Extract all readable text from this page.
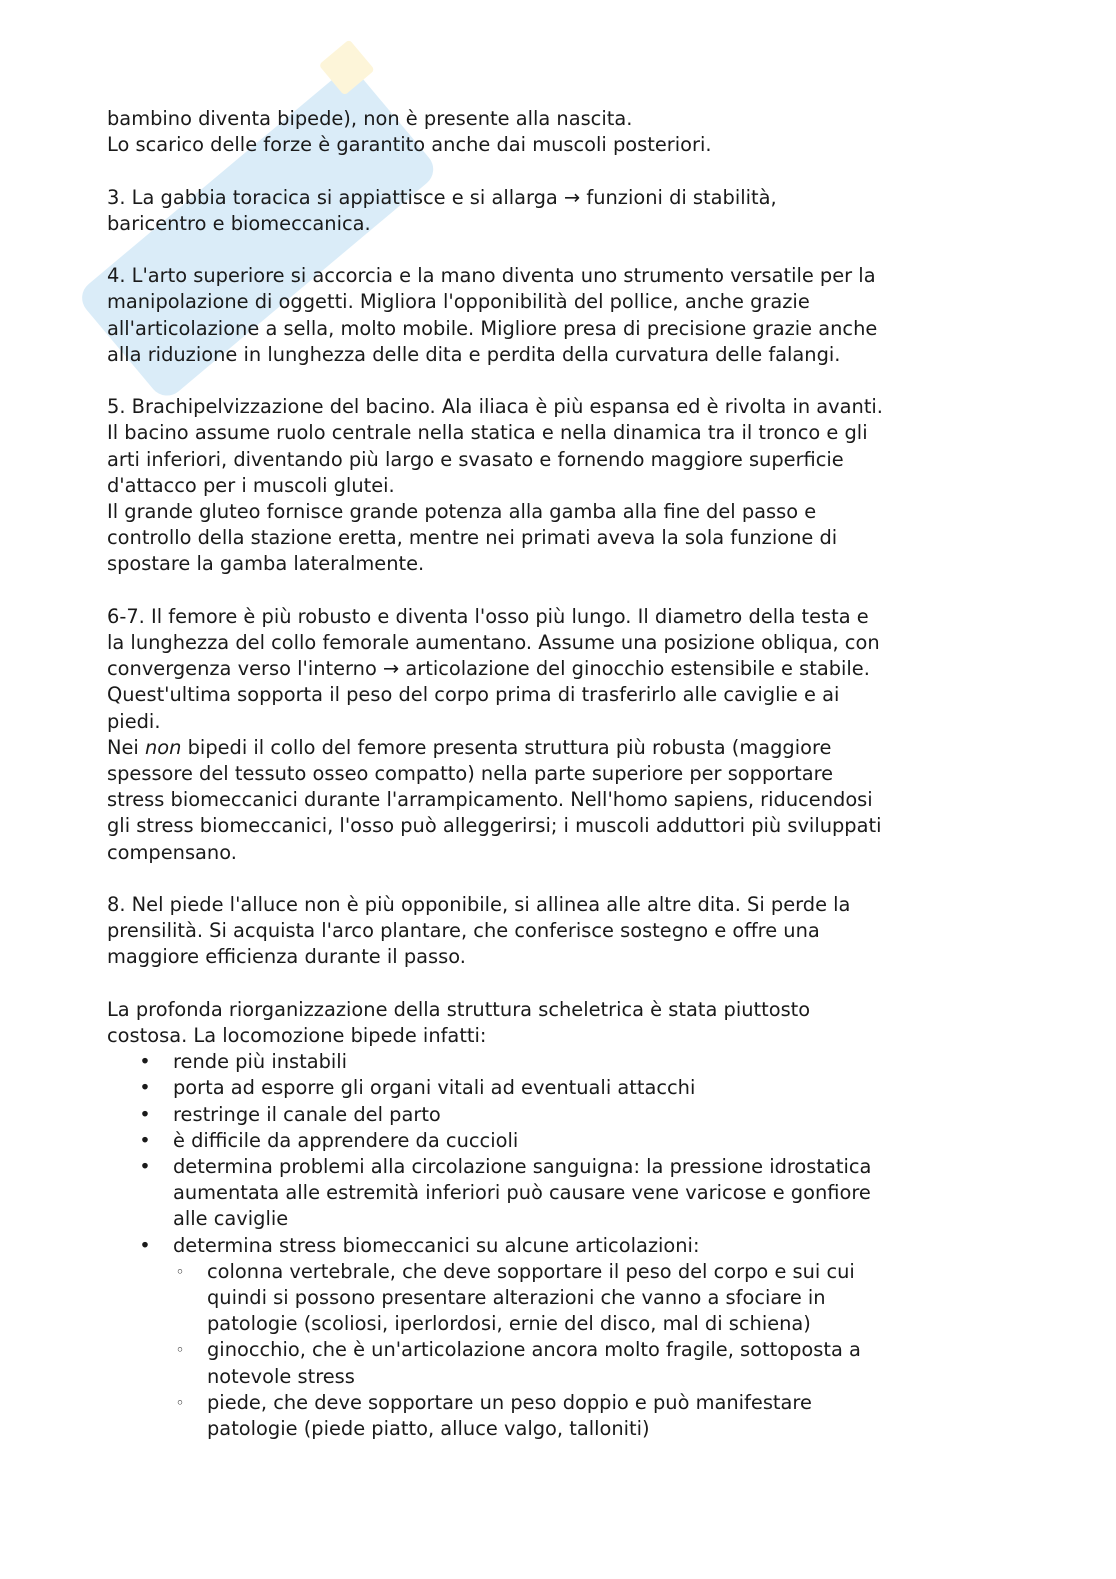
bambino diventa bipede), non è presente alla nascita.
Lo scarico delle forze è garantito anche dai muscoli posteriori.

3. La gabbia toracica si appiattisce e si allarga → funzioni di stabilità,
baricentro e biomeccanica.

4. L'arto superiore si accorcia e la mano diventa uno strumento versatile per la
manipolazione di oggetti. Migliora l'opponibilità del pollice, anche grazie
all'articolazione a sella, molto mobile. Migliore presa di precisione grazie anche
alla riduzione in lunghezza delle dita e perdita della curvatura delle falangi.

5. Brachipelvizzazione del bacino. Ala iliaca è più espansa ed è rivolta in avanti.
Il bacino assume ruolo centrale nella statica e nella dinamica tra il tronco e gli
arti inferiori, diventando più largo e svasato e fornendo maggiore superficie
d'attacco per i muscoli glutei.
Il grande gluteo fornisce grande potenza alla gamba alla fine del passo e
controllo della stazione eretta, mentre nei primati aveva la sola funzione di
spostare la gamba lateralmente.

6-7. Il femore è più robusto e diventa l'osso più lungo. Il diametro della testa e
la lunghezza del collo femorale aumentano. Assume una posizione obliqua, con
convergenza verso l'interno → articolazione del ginocchio estensibile e stabile.
Quest'ultima sopporta il peso del corpo prima di trasferirlo alle caviglie e ai
piedi.
Nei non bipedi il collo del femore presenta struttura più robusta (maggiore
spessore del tessuto osseo compatto) nella parte superiore per sopportare
stress biomeccanici durante l'arrampicamento. Nell'homo sapiens, riducendosi
gli stress biomeccanici, l'osso può alleggerirsi; i muscoli adduttori più sviluppati
compensano.

8. Nel piede l'alluce non è più opponibile, si allinea alle altre dita. Si perde la
prensilità. Si acquista l'arco plantare, che conferisce sostegno e offre una
maggiore efficienza durante il passo.

La profonda riorganizzazione della struttura scheletrica è stata piuttosto
costosa. La locomozione bipede infatti:

• rende più instabili
• porta ad esporre gli organi vitali ad eventuali attacchi
• restringe il canale del parto
• è difficile da apprendere da cuccioli
• determina problemi alla circolazione sanguigna: la pressione idrostatica
aumentata alle estremità inferiori può causare vene varicose e gonfiore
alle caviglie
• determina stress biomeccanici su alcune articolazioni:
◦ colonna vertebrale, che deve sopportare il peso del corpo e sui cui
quindi si possono presentare alterazioni che vanno a sfociare in
patologie (scoliosi, iperlordosi, ernie del disco, mal di schiena)
◦ ginocchio, che è un'articolazione ancora molto fragile, sottoposta a
notevole stress
◦ piede, che deve sopportare un peso doppio e può manifestare
patologie (piede piatto, alluce valgo, talloniti)
